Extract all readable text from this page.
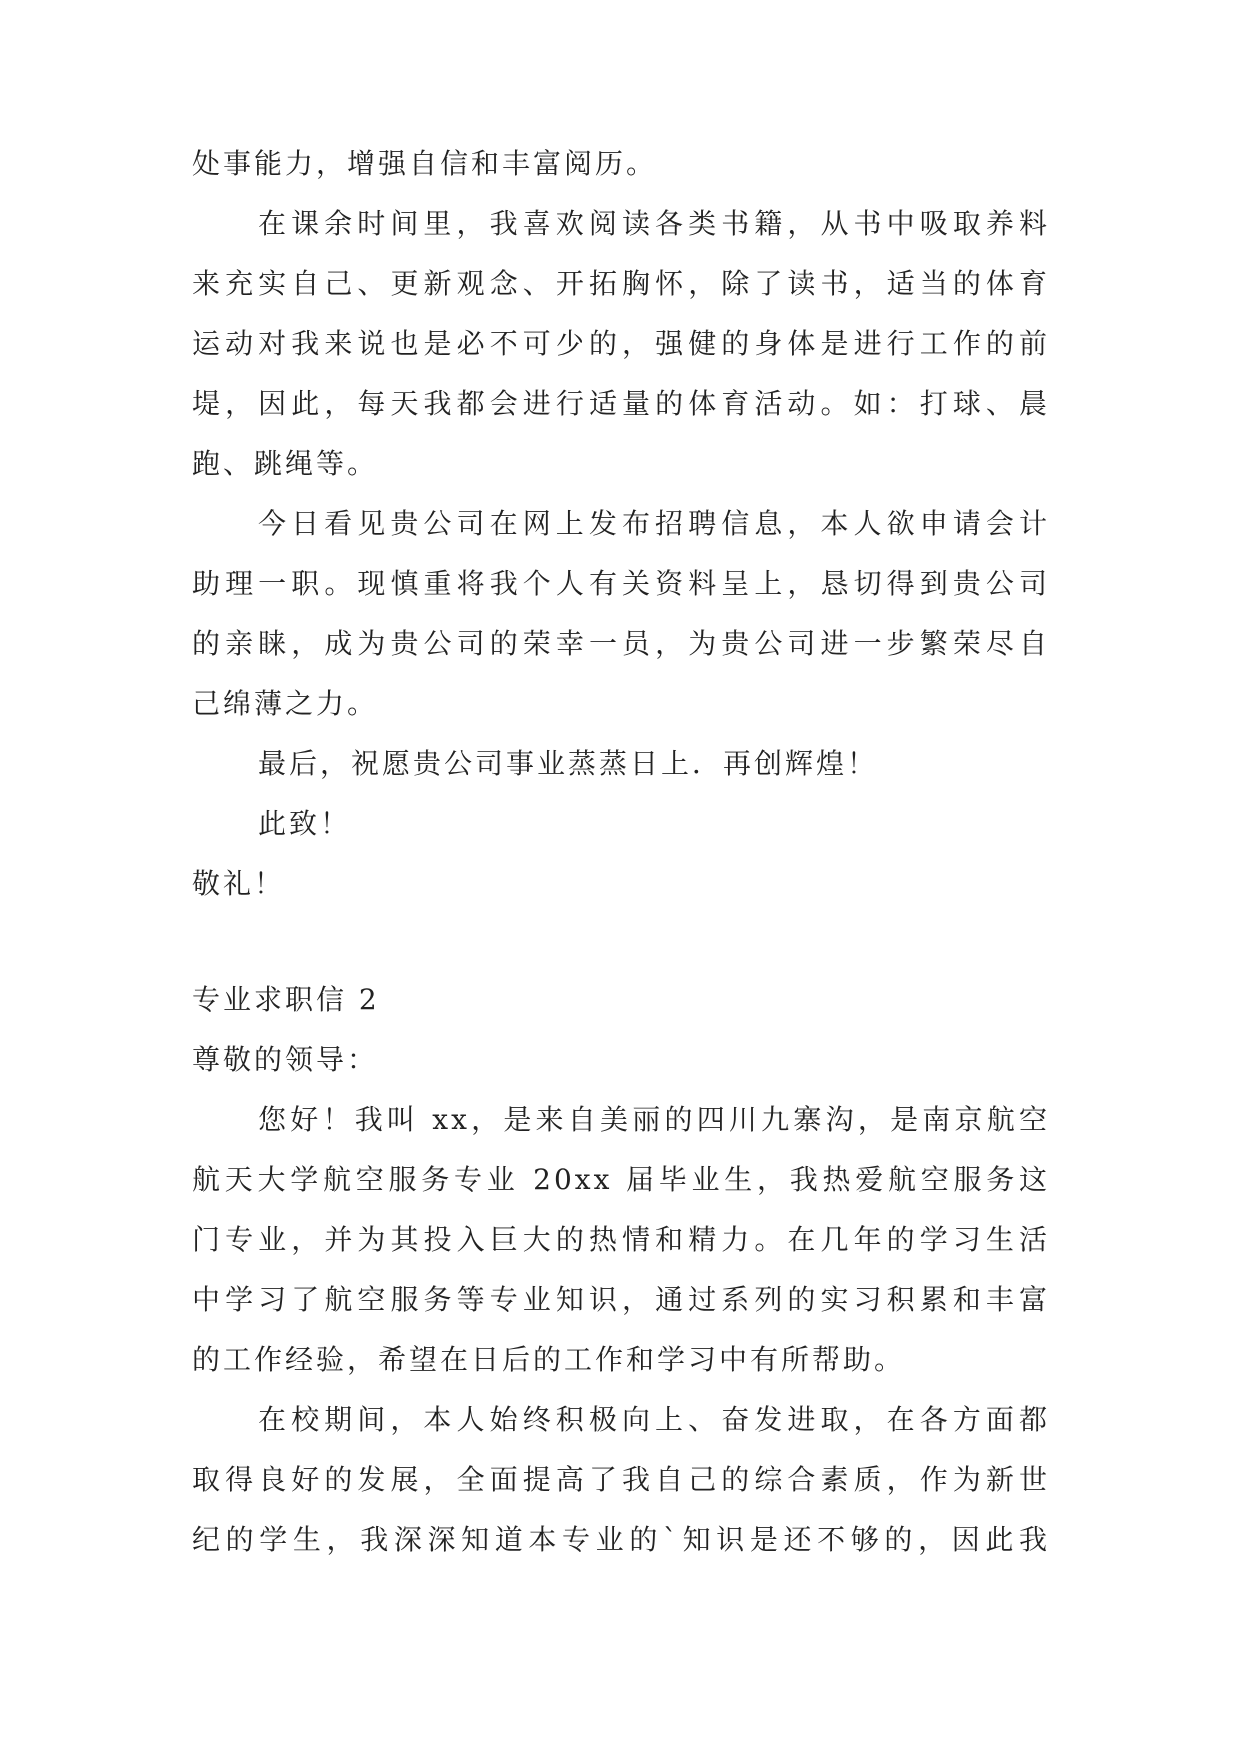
处事能力，增强自信和丰富阅历。
在课余时间里，我喜欢阅读各类书籍，从书中吸取养料
来充实自己、更新观念、开拓胸怀，除了读书，适当的体育
运动对我来说也是必不可少的，强健的身体是进行工作的前
堤，因此，每天我都会进行适量的体育活动。如：打球、晨
跑、跳绳等。
今日看见贵公司在网上发布招聘信息，本人欲申请会计
助理一职。现慎重将我个人有关资料呈上，恳切得到贵公司
的亲睐，成为贵公司的荣幸一员，为贵公司进一步繁荣尽自
己绵薄之力。
最后，祝愿贵公司事业蒸蒸日上．再创辉煌！
此致！
敬礼！
专业求职信 2
尊敬的领导：
您好！我叫 xx，是来自美丽的四川九寨沟，是南京航空
航天大学航空服务专业 20xx 届毕业生，我热爱航空服务这
门专业，并为其投入巨大的热情和精力。在几年的学习生活
中学习了航空服务等专业知识，通过系列的实习积累和丰富
的工作经验，希望在日后的工作和学习中有所帮助。
在校期间，本人始终积极向上、奋发进取，在各方面都
取得良好的发展，全面提高了我自己的综合素质，作为新世
纪的学生，我深深知道本专业的`知识是还不够的，因此我
